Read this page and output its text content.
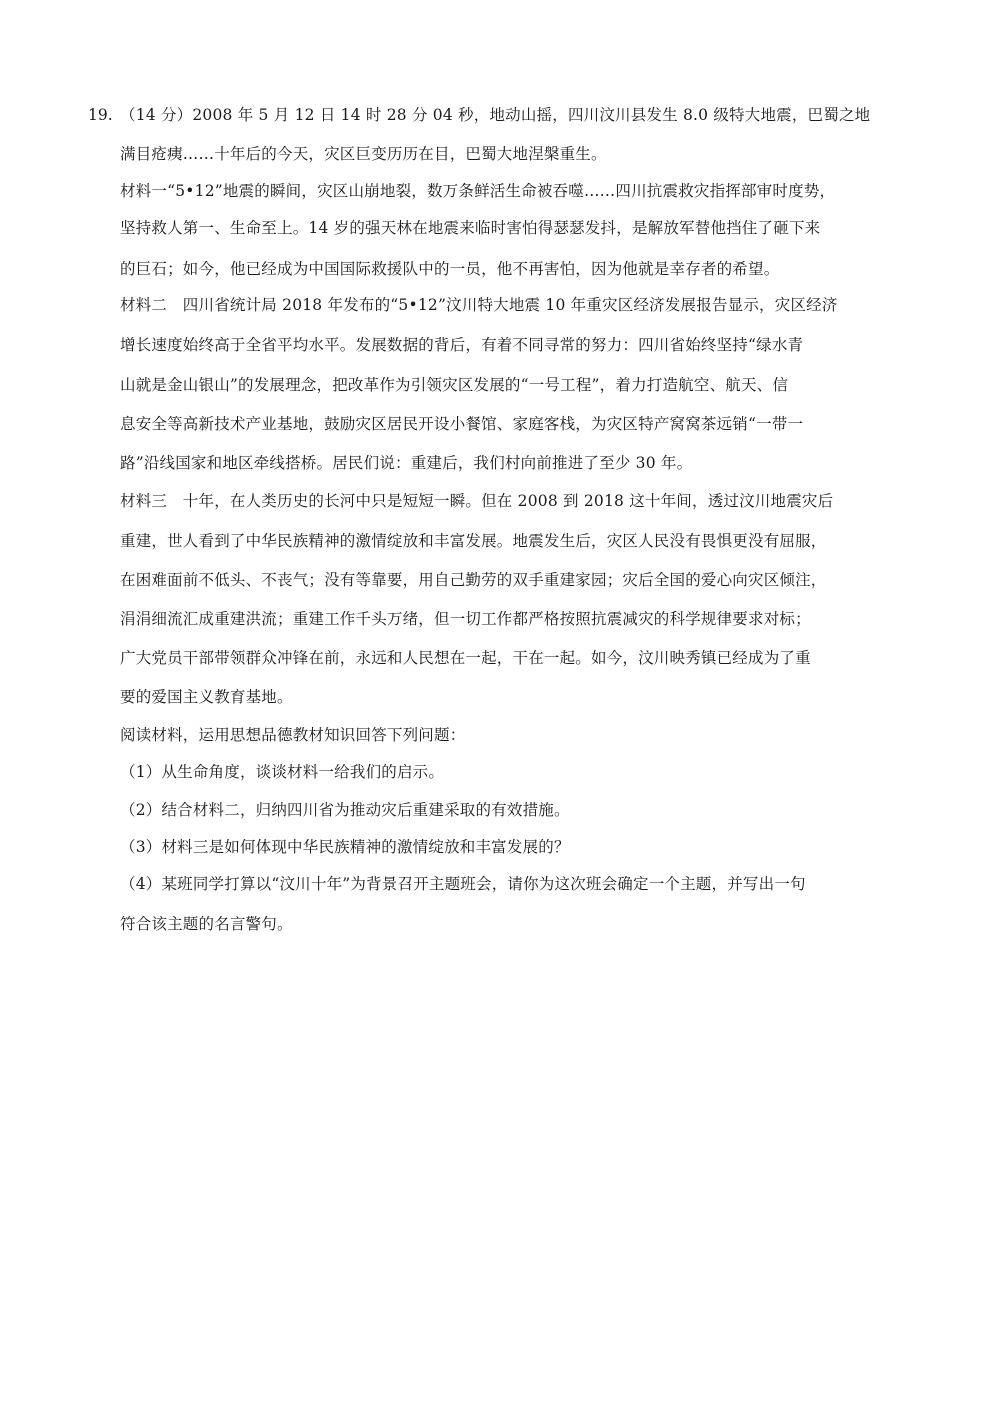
19. （14 分）2008 年 5 月 12 日 14 时 28 分 04 秒，地动山摇，四川汶川县发生 8.0 级特大地震，巴蜀之地
满目疮痍……十年后的今天，灾区巨变历历在目，巴蜀大地涅槃重生。
材料一“5•12”地震的瞬间，灾区山崩地裂，数万条鲜活生命被吞噬……四川抗震救灾指挥部审时度势，
坚持救人第一、生命至上。14 岁的强天林在地震来临时害怕得瑟瑟发抖，是解放军替他挡住了砸下来
的巨石；如今，他已经成为中国国际救援队中的一员，他不再害怕，因为他就是幸存者的希望。
材料二　四川省统计局 2018 年发布的“5•12”汶川特大地震 10 年重灾区经济发展报告显示，灾区经济
增长速度始终高于全省平均水平。发展数据的背后，有着不同寻常的努力：四川省始终坚持“绿水青
山就是金山银山”的发展理念，把改革作为引领灾区发展的“一号工程”，着力打造航空、航天、信
息安全等高新技术产业基地，鼓励灾区居民开设小餐馆、家庭客栈，为灾区特产窝窝茶远销“一带一
路”沿线国家和地区牵线搭桥。居民们说：重建后，我们村向前推进了至少 30 年。
材料三　十年，在人类历史的长河中只是短短一瞬。但在 2008 到 2018 这十年间，透过汶川地震灾后
重建，世人看到了中华民族精神的激情绽放和丰富发展。地震发生后，灾区人民没有畏惧更没有屈服，
在困难面前不低头、不丧气；没有等靠要，用自己勤劳的双手重建家园；灾后全国的爱心向灾区倾注，
涓涓细流汇成重建洪流；重建工作千头万绪，但一切工作都严格按照抗震减灾的科学规律要求对标；
广大党员干部带领群众冲锋在前，永远和人民想在一起，干在一起。如今，汶川映秀镇已经成为了重
要的爱国主义教育基地。
阅读材料，运用思想品德教材知识回答下列问题：
（1）从生命角度，谈谈材料一给我们的启示。
（2）结合材料二，归纳四川省为推动灾后重建采取的有效措施。
（3）材料三是如何体现中华民族精神的激情绽放和丰富发展的？
（4）某班同学打算以“汶川十年”为背景召开主题班会，请你为这次班会确定一个主题，并写出一句
符合该主题的名言警句。
